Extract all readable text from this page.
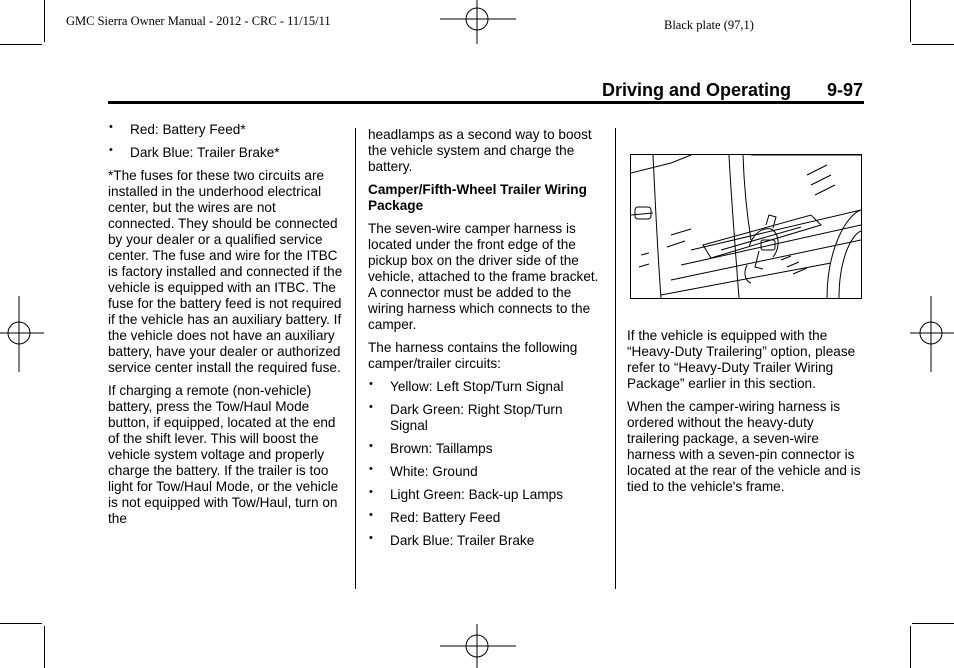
GMC Sierra Owner Manual - 2012 - CRC - 11/15/11	Black plate (97,1)
Driving and Operating 9-97
• Red: Battery Feed*
• Dark Blue: Trailer Brake*

*The fuses for these two circuits are installed in the underhood electrical center, but the wires are not connected. They should be connected by your dealer or a qualified service center. The fuse and wire for the ITBC is factory installed and connected if the vehicle is equipped with an ITBC. The fuse for the battery feed is not required if the vehicle has an auxiliary battery. If the vehicle does not have an auxiliary battery, have your dealer or authorized service center install the required fuse.

If charging a remote (non-vehicle) battery, press the Tow/Haul Mode button, if equipped, located at the end of the shift lever. This will boost the vehicle system voltage and properly charge the battery. If the trailer is too light for Tow/Haul Mode, or the vehicle is not equipped with Tow/Haul, turn on the

headlamps as a second way to boost the vehicle system and charge the battery.

Camper/Fifth-Wheel Trailer Wiring Package

The seven-wire camper harness is located under the front edge of the pickup box on the driver side of the vehicle, attached to the frame bracket. A connector must be added to the wiring harness which connects to the camper.

The harness contains the following camper/trailer circuits:

• Yellow: Left Stop/Turn Signal
• Dark Green: Right Stop/Turn Signal
• Brown: Taillamps
• White: Ground
• Light Green: Back-up Lamps
• Red: Battery Feed
• Dark Blue: Trailer Brake

If the vehicle is equipped with the “Heavy-Duty Trailering” option, please refer to “Heavy-Duty Trailer Wiring Package” earlier in this section.

When the camper-wiring harness is ordered without the heavy-duty trailering package, a seven-wire harness with a seven-pin connector is located at the rear of the vehicle and is tied to the vehicle's frame.
